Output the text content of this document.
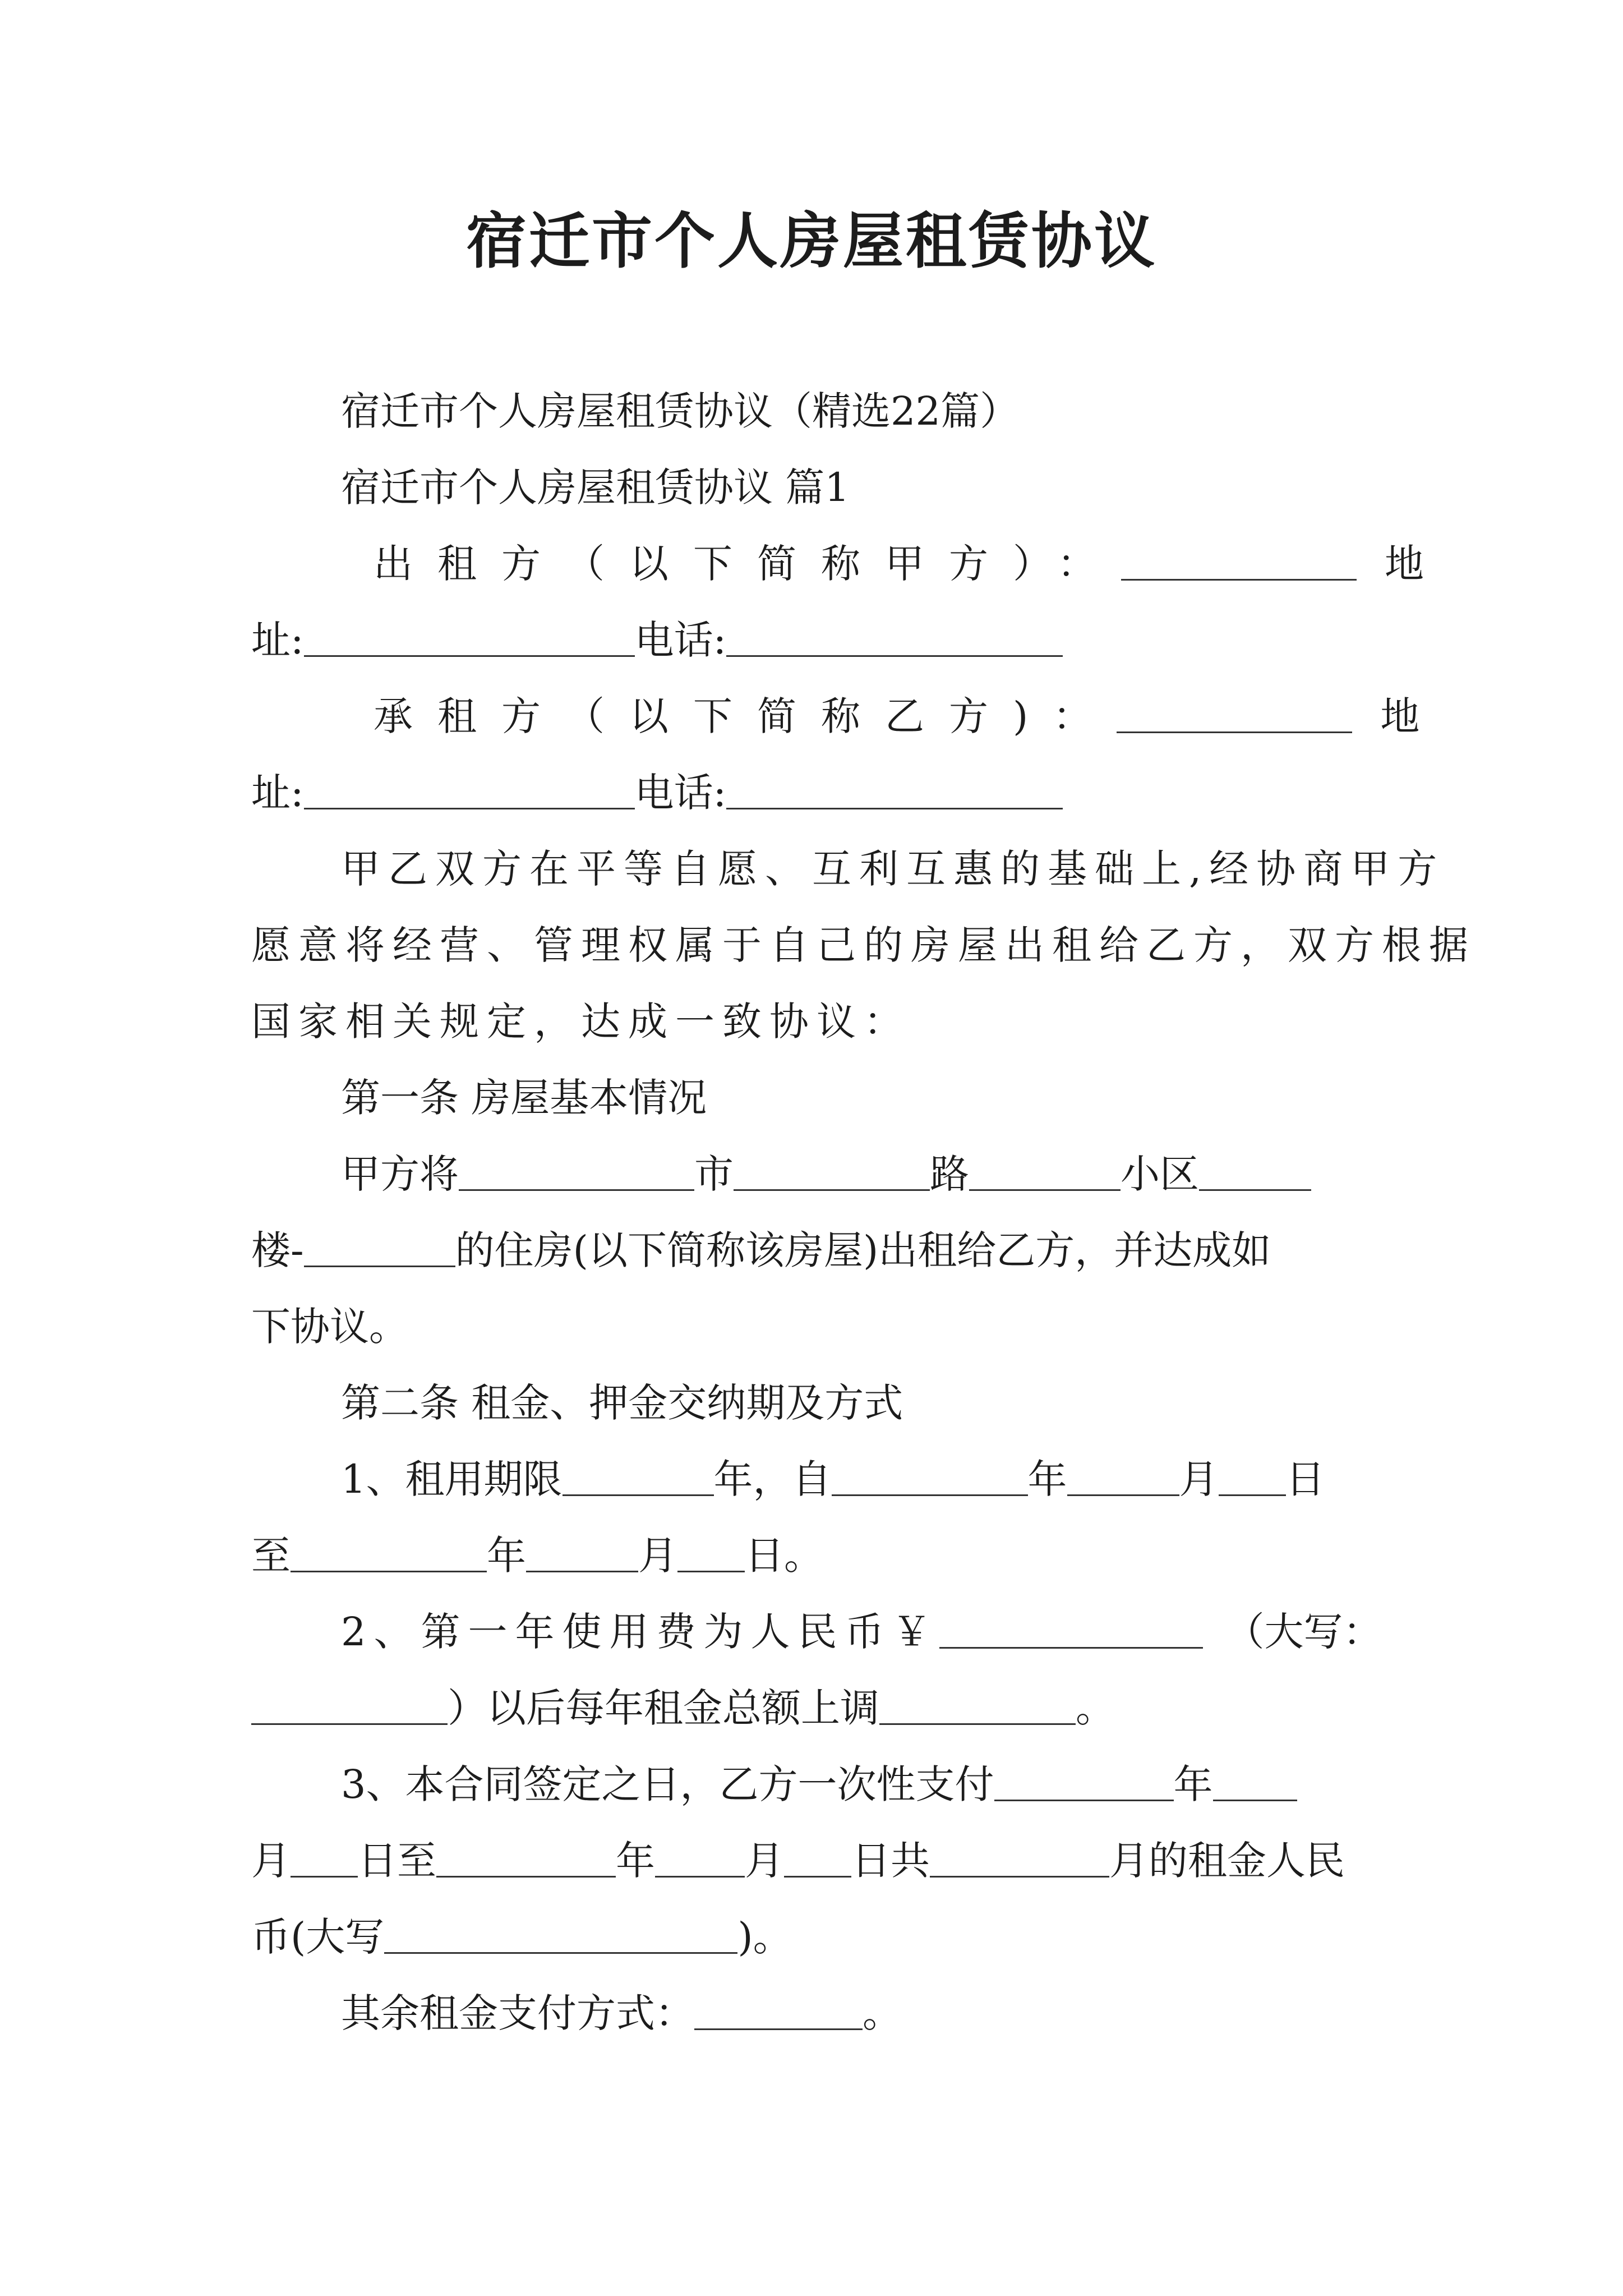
宿迁市个人房屋租赁协议

宿迁市个人房屋租赁协议（精选22篇）

宿迁市个人房屋租赁协议 篇1

出租方（以下简称甲方）：	地

址:	电话:

承租方（以下简称乙方)：	地

址:	电话:

甲乙双方在平等自愿、互利互惠的基础上,经协商甲方

愿意将经营、管理权属于自己的房屋出租给乙方，双方根据

国家相关规定，达成一致协议：

第一条 房屋基本情况

甲方将	市	路	小区

楼-	的住房(以下简称该房屋)出租给乙方，并达成如

下协议。

第二条 租金、押金交纳期及方式

1、租用期限	年，自	年	月 日

至	年	月 日。

2、第一年使用费为人民币￥	（大写：

）以后每年租金总额上调	。

3、本合同签定之日，乙方一次性支付	年

月 日至	年 月 日共	月的租金人民

币(大写	)。

其余租金支付方式：	。
